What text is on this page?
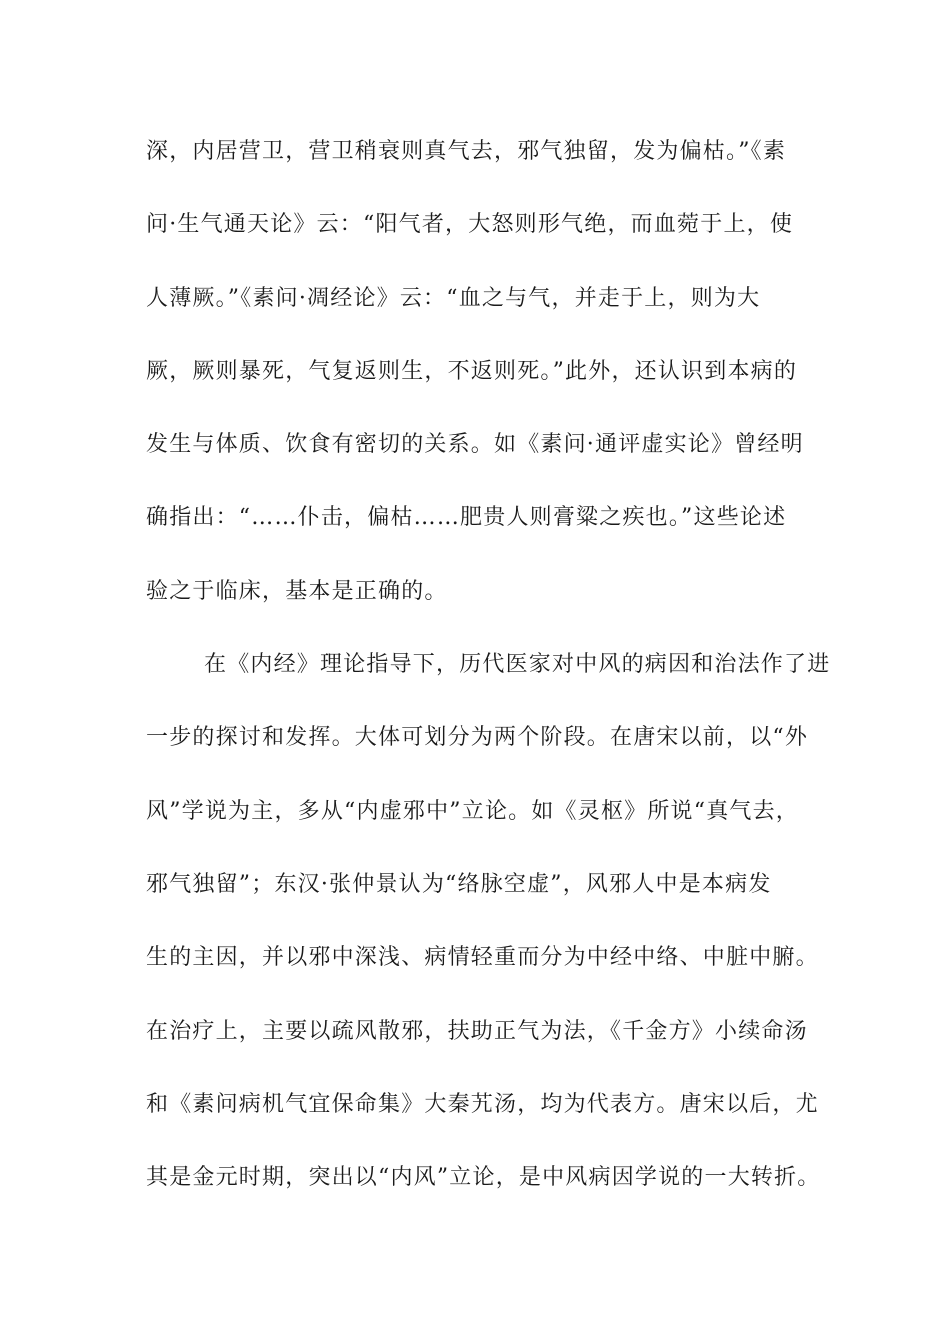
深，内居营卫，营卫稍衰则真气去，邪气独留，发为偏枯。”《素
问·生气通天论》云：“阳气者，大怒则形气绝，而血菀于上，使
人薄厥。”《素问·凋经论》云：“血之与气，并走于上，则为大
厥，厥则暴死，气复返则生，不返则死。”此外，还认识到本病的
发生与体质、饮食有密切的关系。如《素问·通评虚实论》曾经明
确指出：“……仆击，偏枯……肥贵人则膏粱之疾也。”这些论述
验之于临床，基本是正确的。
在《内经》理论指导下，历代医家对中风的病因和治法作了进
一步的探讨和发挥。大体可划分为两个阶段。在唐宋以前，以“外
风”学说为主，多从“内虚邪中”立论。如《灵枢》所说“真气去，
邪气独留”；东汉·张仲景认为“络脉空虚”，风邪人中是本病发
生的主因，并以邪中深浅、病情轻重而分为中经中络、中脏中腑。
在治疗上，主要以疏风散邪，扶助正气为法，《千金方》小续命汤
和《素问病机气宜保命集》大秦艽汤，均为代表方。唐宋以后，尤
其是金元时期，突出以“内风”立论，是中风病因学说的一大转折。
